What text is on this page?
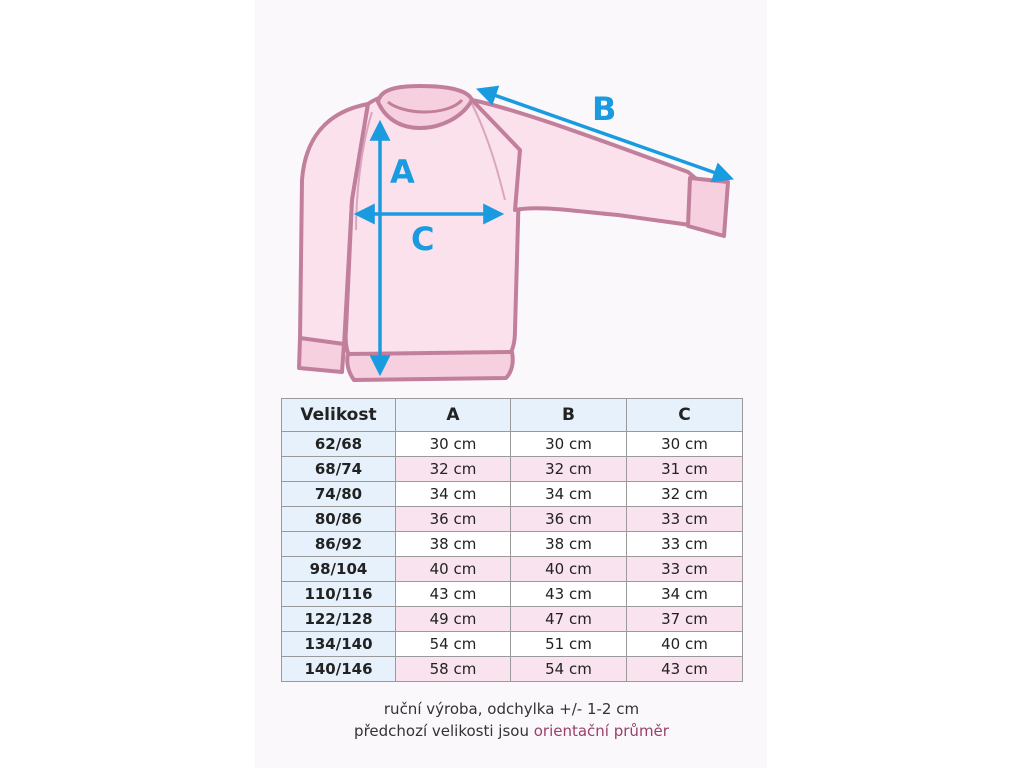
A
B
C
Velikost	A	B	C
62/68	30 cm	30 cm	30 cm
68/74	32 cm	32 cm	31 cm
74/80	34 cm	34 cm	32 cm
80/86	36 cm	36 cm	33 cm
86/92	38 cm	38 cm	33 cm
98/104	40 cm	40 cm	33 cm
110/116	43 cm	43 cm	34 cm
122/128	49 cm	47 cm	37 cm
134/140	54 cm	51 cm	40 cm
140/146	58 cm	54 cm	43 cm
ruční výroba, odchylka +/- 1-2 cm
předchozí velikosti jsou orientační průměr
